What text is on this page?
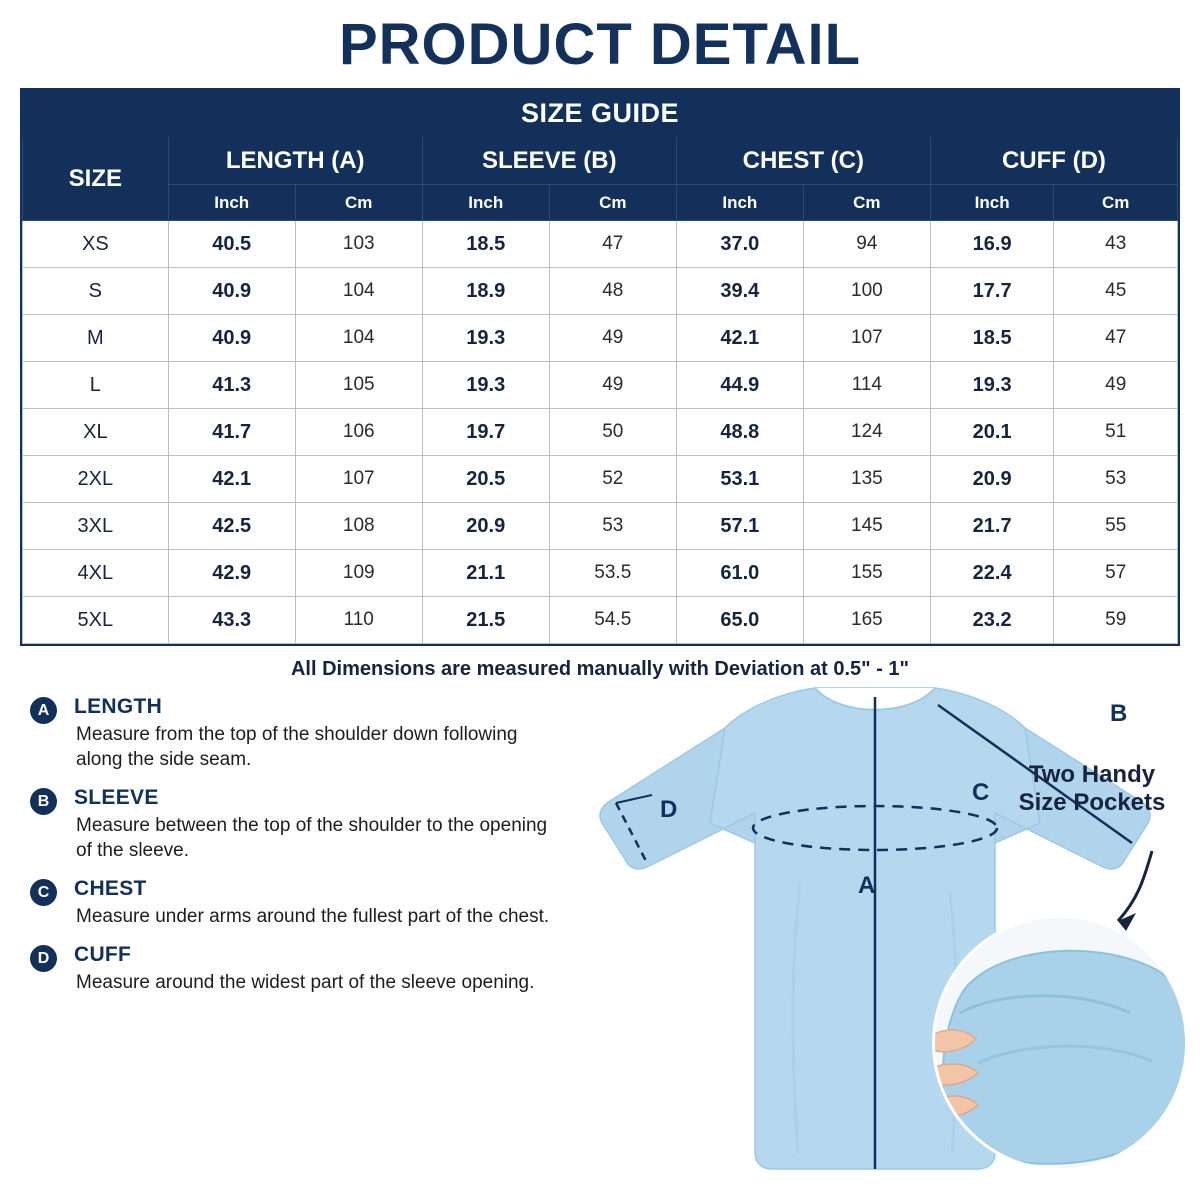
PRODUCT DETAIL
SIZE GUIDE								
SIZE	LENGTH (A)		SLEEVE (B)		CHEST (C)		CUFF (D)	
	Inch	Cm	Inch	Cm	Inch	Cm	Inch	Cm
XS	40.5	103	18.5	47	37.0	94	16.9	43
S	40.9	104	18.9	48	39.4	100	17.7	45
M	40.9	104	19.3	49	42.1	107	18.5	47
L	41.3	105	19.3	49	44.9	114	19.3	49
XL	41.7	106	19.7	50	48.8	124	20.1	51
2XL	42.1	107	20.5	52	53.1	135	20.9	53
3XL	42.5	108	20.9	53	57.1	145	21.7	55
4XL	42.9	109	21.1	53.5	61.0	155	22.4	57
5XL	43.3	110	21.5	54.5	65.0	165	23.2	59
All Dimensions are measured manually with Deviation at 0.5" - 1"
A	LENGTH
Measure from the top of the shoulder down following along the side seam.
B	SLEEVE
Measure between the top of the shoulder to the opening of the sleeve.
C	CHEST
Measure under arms around the fullest part of the chest.
D	CUFF
Measure around the widest part of the sleeve opening.
A
B
C
D
Two Handy
Size Pockets
